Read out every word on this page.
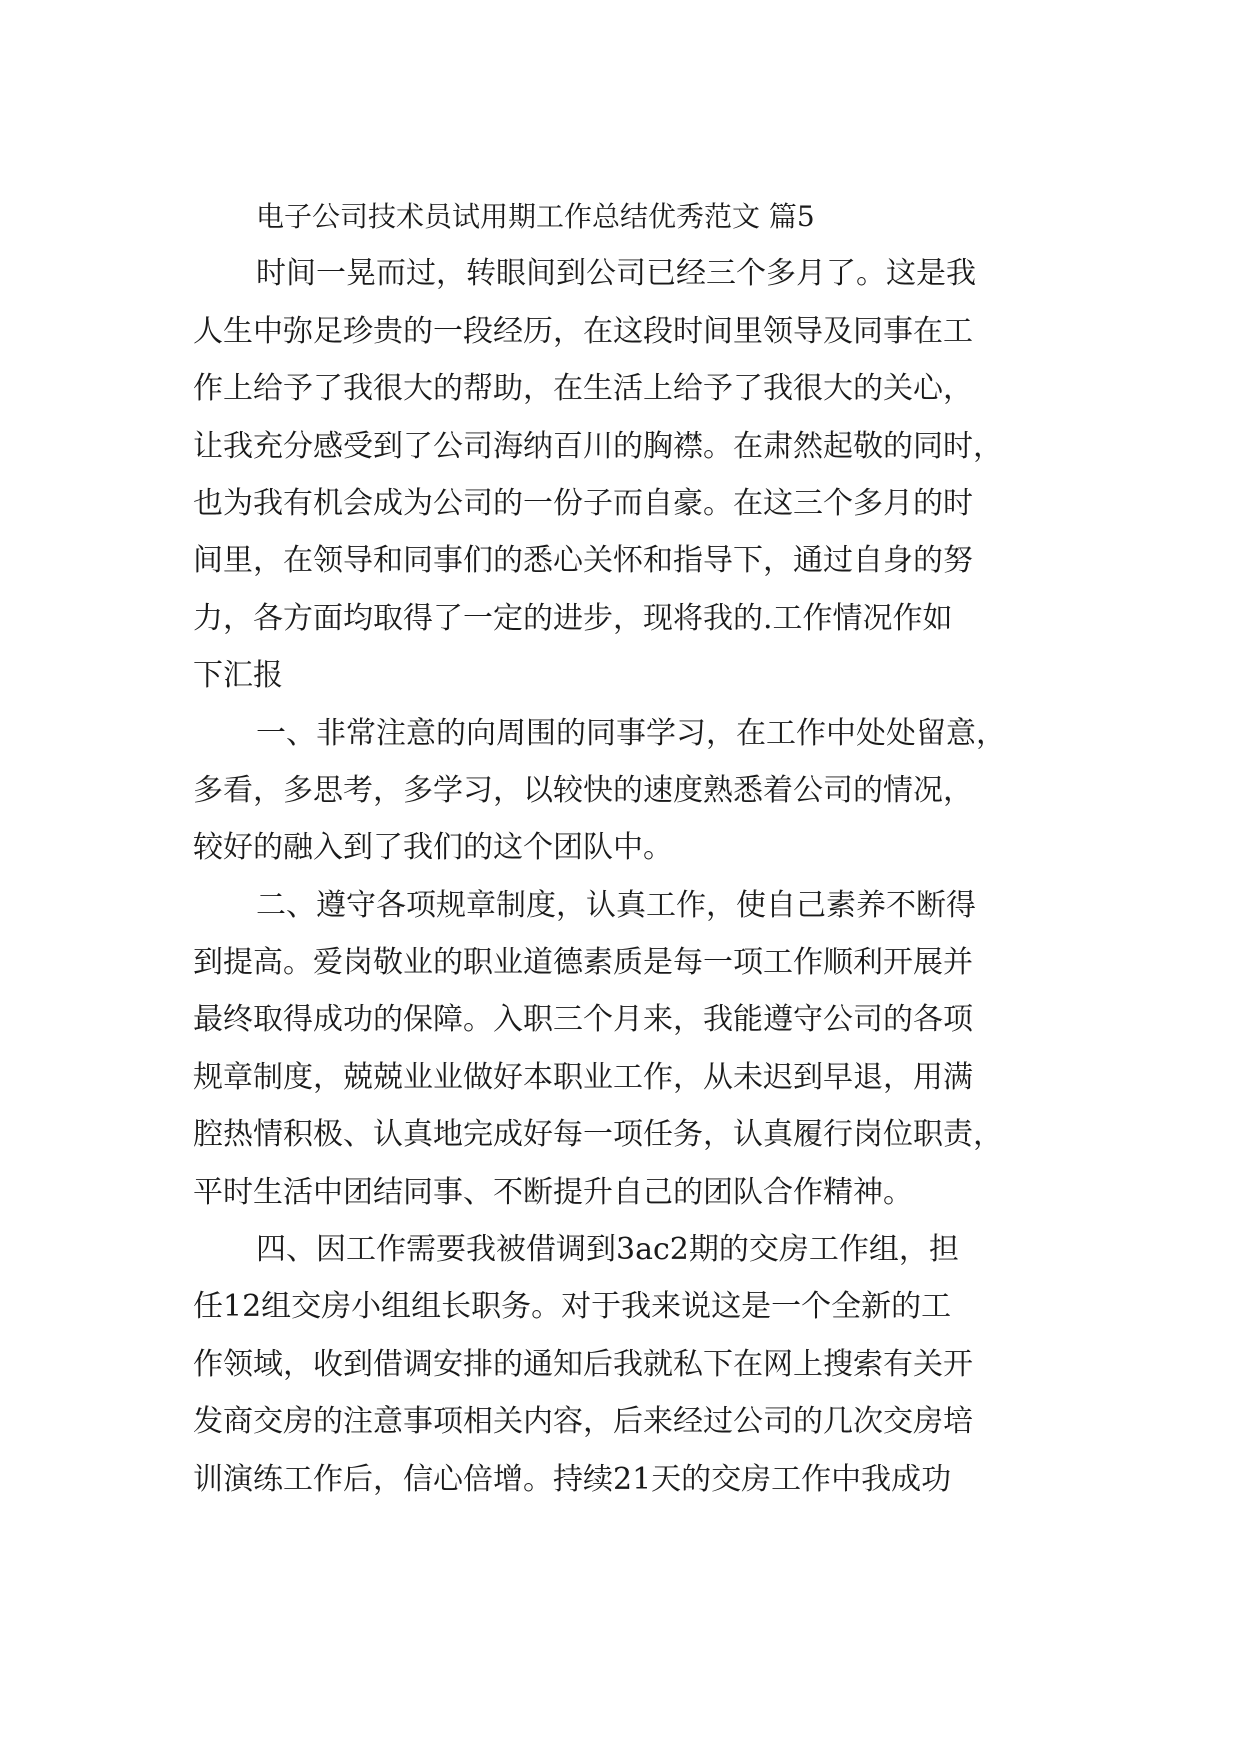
电子公司技术员试用期工作总结优秀范文 篇5
时间一晃而过，转眼间到公司已经三个多月了。这是我
人生中弥足珍贵的一段经历，在这段时间里领导及同事在工
作上给予了我很大的帮助，在生活上给予了我很大的关心，
让我充分感受到了公司海纳百川的胸襟。在肃然起敬的同时，
也为我有机会成为公司的一份子而自豪。在这三个多月的时
间里，在领导和同事们的悉心关怀和指导下，通过自身的努
力，各方面均取得了一定的进步，现将我的.工作情况作如
下汇报
一、非常注意的向周围的同事学习，在工作中处处留意，
多看，多思考，多学习，以较快的速度熟悉着公司的情况，
较好的融入到了我们的这个团队中。
二、遵守各项规章制度，认真工作，使自己素养不断得
到提高。爱岗敬业的职业道德素质是每一项工作顺利开展并
最终取得成功的保障。入职三个月来，我能遵守公司的各项
规章制度，兢兢业业做好本职业工作，从未迟到早退，用满
腔热情积极、认真地完成好每一项任务，认真履行岗位职责，
平时生活中团结同事、不断提升自己的团队合作精神。
四、因工作需要我被借调到3ac2期的交房工作组，担
任12组交房小组组长职务。对于我来说这是一个全新的工
作领域，收到借调安排的通知后我就私下在网上搜索有关开
发商交房的注意事项相关内容，后来经过公司的几次交房培
训演练工作后，信心倍增。持续21天的交房工作中我成功
